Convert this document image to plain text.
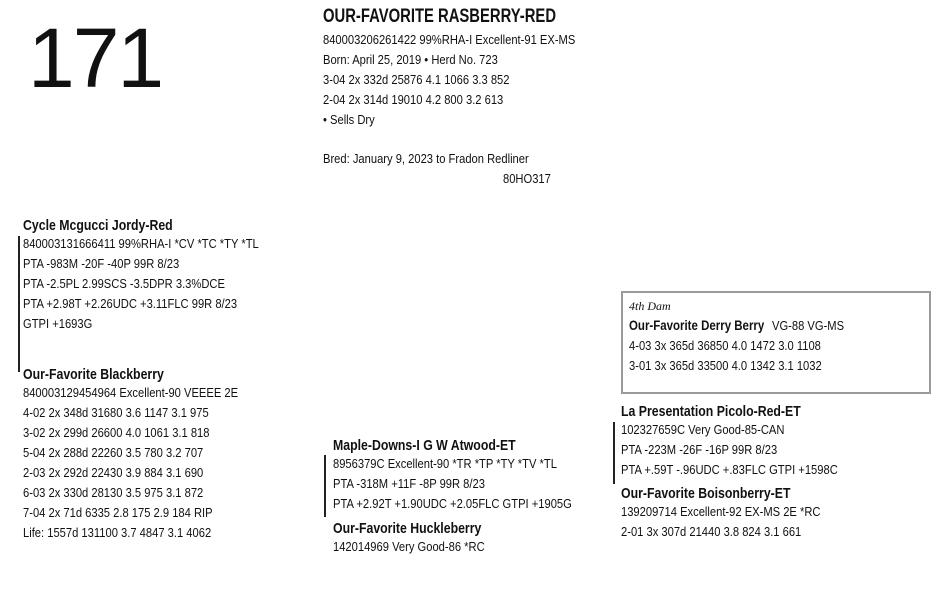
171	OUR-FAVORITE RASBERRY-RED
840003206261422 99%RHA-I Excellent-91 EX-MS
Born: April 25, 2019 • Herd No. 723
3-04 2x 332d 25876 4.1 1066 3.3 852
2-04 2x 314d 19010 4.2 800 3.2 613
• Sells Dry
Bred: January 9, 2023 to Fradon Redliner
80HO317
Cycle Mcgucci Jordy-Red
840003131666411 99%RHA-I *CV *TC *TY *TL
PTA -983M -20F -40P 99R 8/23
PTA -2.5PL 2.99SCS -3.5DPR 3.3%DCE
PTA +2.98T +2.26UDC +3.11FLC 99R 8/23
GTPI +1693G
Our-Favorite Blackberry
840003129454964 Excellent-90 VEEEE 2E
4-02 2x 348d 31680 3.6 1147 3.1 975
3-02 2x 299d 26600 4.0 1061 3.1 818
5-04 2x 288d 22260 3.5 780 3.2 707
2-03 2x 292d 22430 3.9 884 3.1 690
6-03 2x 330d 28130 3.5 975 3.1 872
7-04 2x 71d 6335 2.8 175 2.9 184 RIP
Life: 1557d 131100 3.7 4847 3.1 4062
Maple-Downs-I G W Atwood-ET
8956379C Excellent-90 *TR *TP *TY *TV *TL
PTA -318M +11F -8P 99R 8/23
PTA +2.92T +1.90UDC +2.05FLC GTPI +1905G
Our-Favorite Huckleberry
142014969 Very Good-86 *RC
La Presentation Picolo-Red-ET
102327659C Very Good-85-CAN
PTA -223M -26F -16P 99R 8/23
PTA +.59T -.96UDC +.83FLC GTPI +1598C
Our-Favorite Boisonberry-ET
139209714 Excellent-92 EX-MS 2E *RC
2-01 3x 307d 21440 3.8 824 3.1 661
4th Dam
Our-Favorite Derry BerryVG-88 VG-MS
4-03 3x 365d 36850 4.0 1472 3.0 1108
3-01 3x 365d 33500 4.0 1342 3.1 1032
